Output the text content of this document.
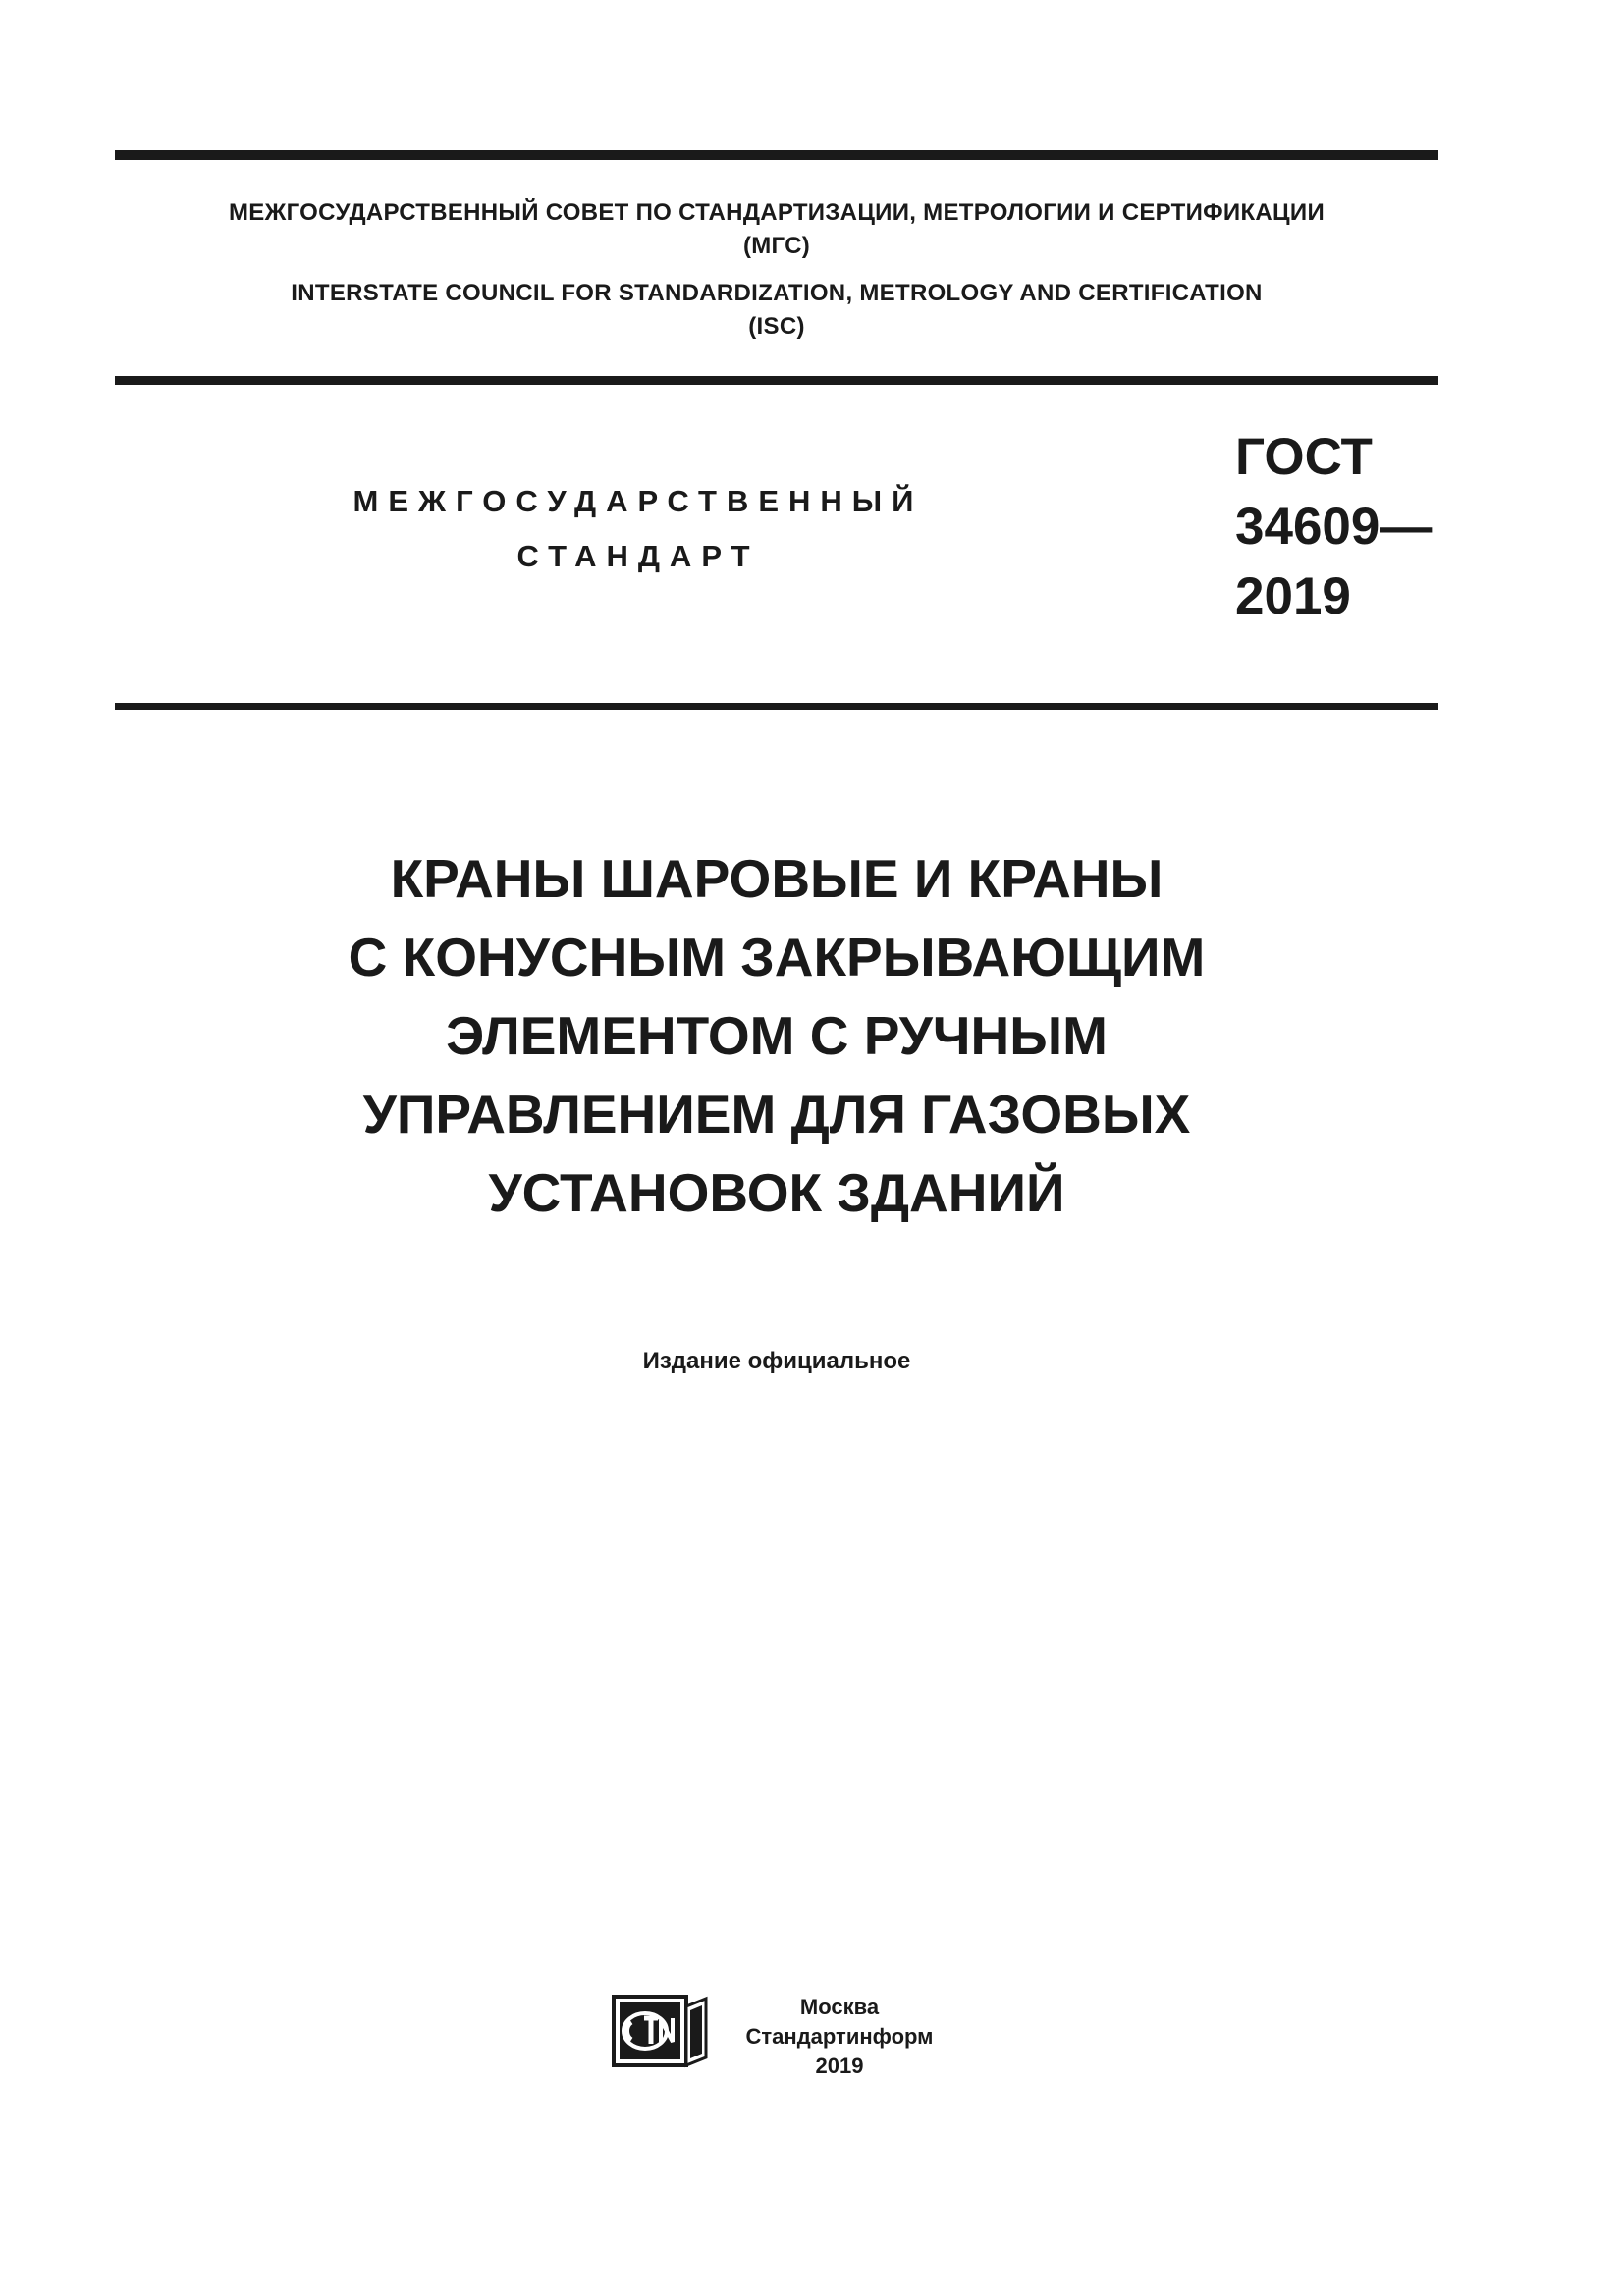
МЕЖГОСУДАРСТВЕННЫЙ СОВЕТ ПО СТАНДАРТИЗАЦИИ, МЕТРОЛОГИИ И СЕРТИФИКАЦИИ
(МГС)
INTERSTATE COUNCIL FOR STANDARDIZATION, METROLOGY AND CERTIFICATION
(ISC)
МЕЖГОСУДАРСТВЕННЫЙ
СТАНДАРТ
ГОСТ
34609—
2019
КРАНЫ ШАРОВЫЕ И КРАНЫ
С КОНУСНЫМ ЗАКРЫВАЮЩИМ
ЭЛЕМЕНТОМ С РУЧНЫМ
УПРАВЛЕНИЕМ ДЛЯ ГАЗОВЫХ
УСТАНОВОК ЗДАНИЙ
Издание официальное
Москва
Стандартинформ
2019
